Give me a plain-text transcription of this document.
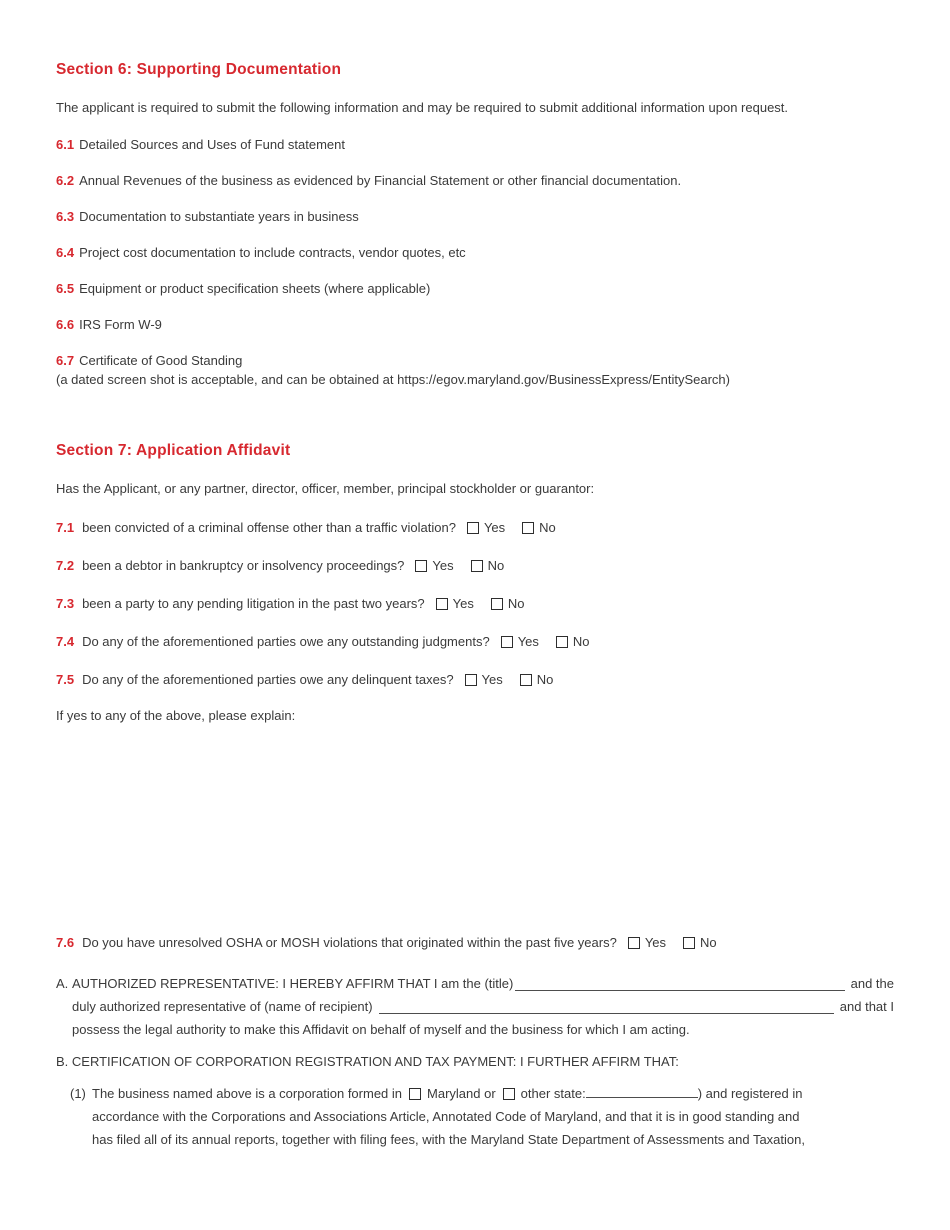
Section 6: Supporting Documentation

The applicant is required to submit the following information and may be required to submit additional information upon request.

6.1 Detailed Sources and Uses of Fund statement
6.2 Annual Revenues of the business as evidenced by Financial Statement or other financial documentation.
6.3 Documentation to substantiate years in business
6.4 Project cost documentation to include contracts, vendor quotes, etc
6.5 Equipment or product specification sheets (where applicable)
6.6 IRS Form W-9
6.7 Certificate of Good Standing
(a dated screen shot is acceptable, and can be obtained at https://egov.maryland.gov/BusinessExpress/EntitySearch)
Section 7: Application Affidavit

Has the Applicant, or any partner, director, officer, member, principal stockholder or guarantor:

7.1 been convicted of a criminal offense other than a traffic violation? Yes	No
7.2 been a debtor in bankruptcy or insolvency proceedings? Yes	No
7.3 been a party to any pending litigation in the past two years? Yes	No
7.4 Do any of the aforementioned parties owe any outstanding judgments? Yes	No
7.5 Do any of the aforementioned parties owe any delinquent taxes? Yes	No
If yes to any of the above, please explain:
7.6 Do you have unresolved OSHA or MOSH violations that originated within the past five years? Yes	No
A. AUTHORIZED REPRESENTATIVE: I HEREBY AFFIRM THAT I am the (title)	and the
duly authorized representative of (name of recipient)	and that I
possess the legal authority to make this Affidavit on behalf of myself and the business for which I am acting.
B. CERTIFICATION OF CORPORATION REGISTRATION AND TAX PAYMENT: I FURTHER AFFIRM THAT:
(1)The business named above is a corporation formed in Maryland or other state:	) and registered in
accordance with the Corporations and Associations Article, Annotated Code of Maryland, and that it is in good standing and
has filed all of its annual reports, together with filing fees, with the Maryland State Department of Assessments and Taxation,
